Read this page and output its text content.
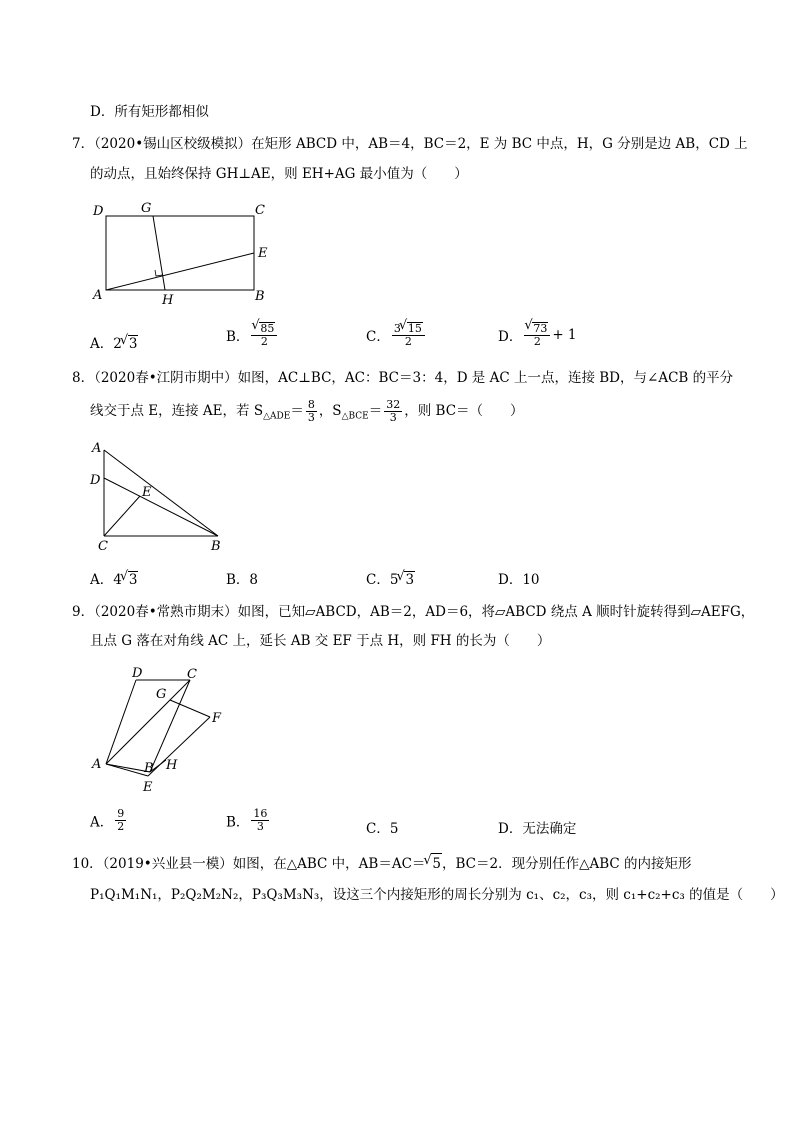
D．所有矩形都相似
7．（2020•锡山区校级模拟）在矩形 ABCD 中，AB＝4，BC＝2，E 为 BC 中点，H，G 分别是边 AB，CD 上
的动点，且始终保持 GH⊥AE，则 EH+AG 最小值为（　　）
D	G	C
E
A	H	B
A．2 √ 3	B． √ $\frac{85}{2}$	C． $\frac{3 √ 15}{2}$	D． √ $\frac{73}{2} + 1$
8．（2020春•江阴市期中）如图，AC⊥BC，AC：BC＝3：4，D 是 AC 上一点，连接 BD，与∠ACB 的平分
线交于点 E，连接 AE，若 $S_{\triangle ADE}= \frac{8}{3}$ ，$S_{\triangle BCE}= \frac{32}{3}$ ，则 BC＝（　　）
A
D
E
C	B
A．4 √ 3	B．8	C．5 √ 3	D．10
9．（2020春•常熟市期末）如图，已知▱ABCD，AB＝2，AD＝6，将▱ABCD 绕点 A 顺时针旋转得到▱AEFG，
且点 G 落在对角线 AC 上，延长 AB 交 EF 于点 H，则 FH 的长为（　　）
D	C
G
F
A	B H
E
A． $\frac{9}{2}$	B． $\frac{16}{3}$	C．5	D．无法确定
10．（2019•兴业县一模）如图，在△ABC 中，AB＝AC＝ √ 5，BC＝2．现分别任作△ABC 的内接矩形
P₁Q₁M₁N₁，P₂Q₂M₂N₂，P₃Q₃M₃N₃，设这三个内接矩形的周长分别为 c₁、c₂，c₃，则 c₁+c₂+c₃ 的值是（　　）
